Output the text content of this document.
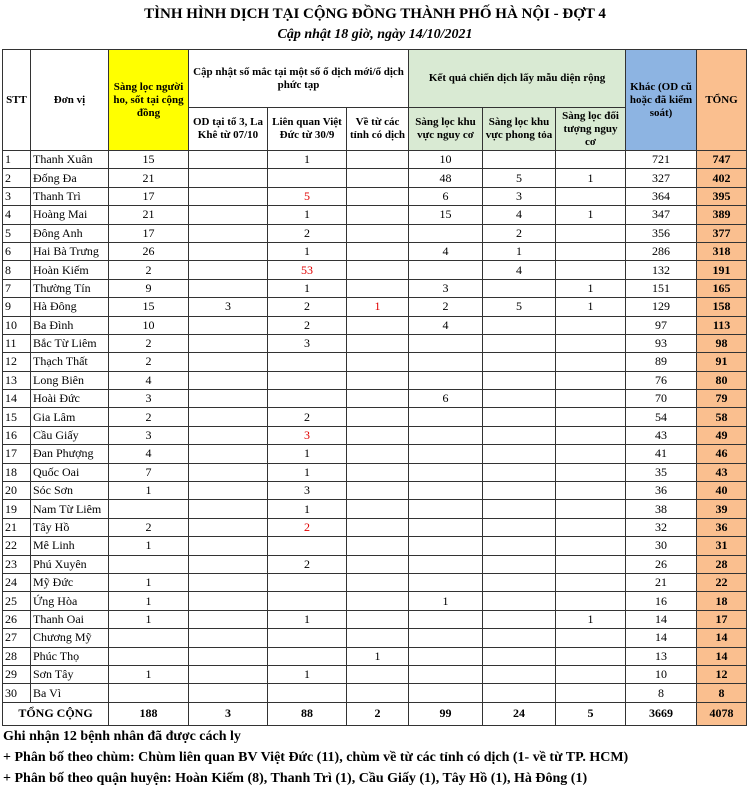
TÌNH HÌNH DỊCH TẠI CỘNG ĐỒNG THÀNH PHỐ HÀ NỘI - ĐỢT 4
Cập nhật 18 giờ, ngày 14/10/2021
STT	Đơn vị	Sàng lọc người ho, sốt tại cộng đồng	Cập nhật số mắc tại một số ổ dịch mới/ổ dịch phức tạp			Kết quả chiến dịch lấy mẫu diện rộng			Khác (OD cũ hoặc đã kiểm soát)	TỔNG
			OD tại tổ 3, La Khê từ 07/10	Liên quan Việt Đức từ 30/9	Về từ các tỉnh có dịch	Sàng lọc khu vực nguy cơ	Sàng lọc khu vực phong tỏa	Sàng lọc đối tượng nguy cơ		
1	Thanh Xuân	15		1		10			721	747
2	Đống Đa	21				48	5	1	327	402
3	Thanh Trì	17		5		6	3		364	395
4	Hoàng Mai	21		1		15	4	1	347	389
5	Đông Anh	17		2			2		356	377
6	Hai Bà Trưng	26		1		4	1		286	318
8	Hoàn Kiếm	2		53			4		132	191
7	Thường Tín	9		1		3		1	151	165
9	Hà Đông	15	3	2	1	2	5	1	129	158
10	Ba Đình	10		2		4			97	113
11	Bắc Từ Liêm	2		3					93	98
12	Thạch Thất	2							89	91
13	Long Biên	4							76	80
14	Hoài Đức	3				6			70	79
15	Gia Lâm	2		2					54	58
16	Cầu Giấy	3		3					43	49
17	Đan Phượng	4		1					41	46
18	Quốc Oai	7		1					35	43
20	Sóc Sơn	1		3					36	40
19	Nam Từ Liêm			1					38	39
21	Tây Hồ	2		2					32	36
22	Mê Linh	1							30	31
23	Phú Xuyên			2					26	28
24	Mỹ Đức	1							21	22
25	Ứng Hòa	1				1			16	18
26	Thanh Oai	1		1				1	14	17
27	Chương Mỹ								14	14
28	Phúc Thọ				1				13	14
29	Sơn Tây	1		1					10	12
30	Ba Vì								8	8
TỔNG CỘNG		188	3	88	2	99	24	5	3669	4078
Ghi nhận 12 bệnh nhân đã được cách ly
+ Phân bố theo chùm: Chùm liên quan BV Việt Đức (11), chùm về từ các tỉnh có dịch (1- về từ TP. HCM)
+ Phân bố theo quận huyện: Hoàn Kiếm (8), Thanh Trì (1), Cầu Giấy (1), Tây Hồ (1), Hà Đông (1)
